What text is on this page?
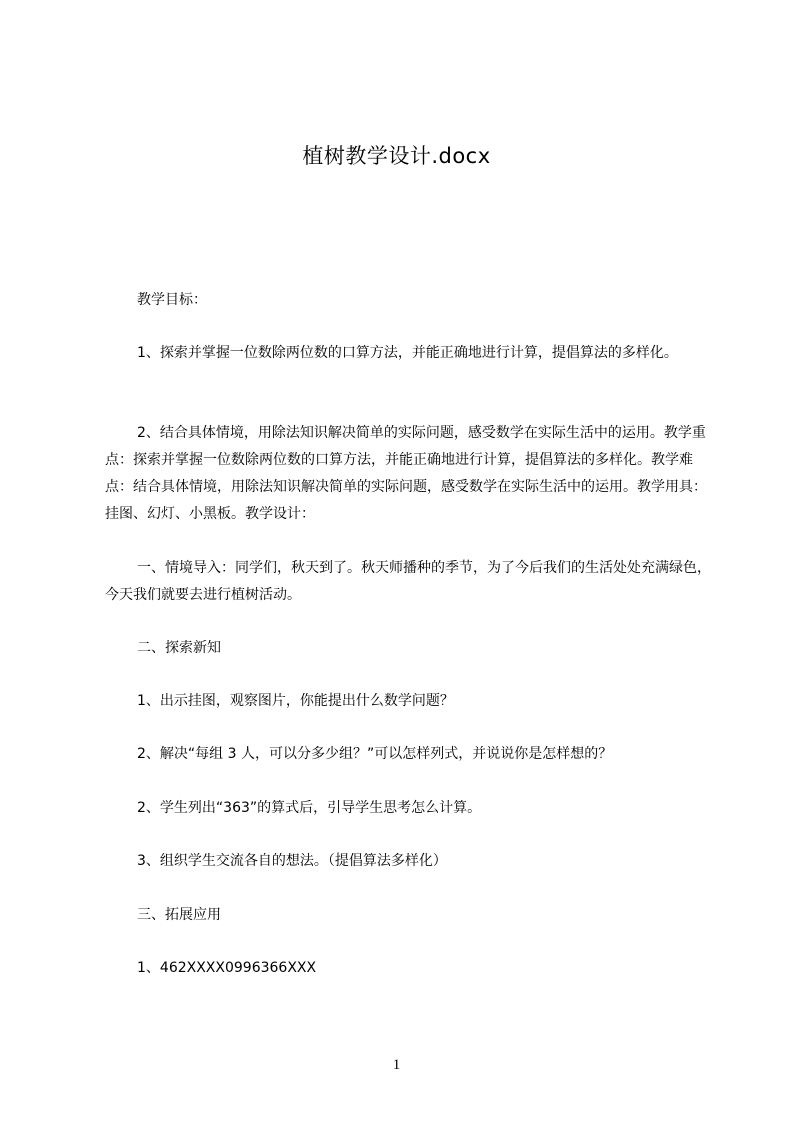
植树教学设计.docx

教学目标：

1、探索并掌握一位数除两位数的口算方法，并能正确地进行计算，提倡算法的多样化。

2、结合具体情境，用除法知识解决简单的实际问题，感受数学在实际生活中的运用。教学重点：探索并掌握一位数除两位数的口算方法，并能正确地进行计算，提倡算法的多样化。教学难点：结合具体情境，用除法知识解决简单的实际问题，感受数学在实际生活中的运用。教学用具：挂图、幻灯、小黑板。教学设计：

一、情境导入：同学们，秋天到了。秋天师播种的季节，为了今后我们的生活处处充满绿色，今天我们就要去进行植树活动。

二、探索新知

1、出示挂图，观察图片，你能提出什么数学问题？

2、解决“每组 3 人，可以分多少组？”可以怎样列式，并说说你是怎样想的？

2、学生列出“363”的算式后，引导学生思考怎么计算。

3、组织学生交流各自的想法。（提倡算法多样化）

三、拓展应用

1、462XXXX0996366XXX

1
